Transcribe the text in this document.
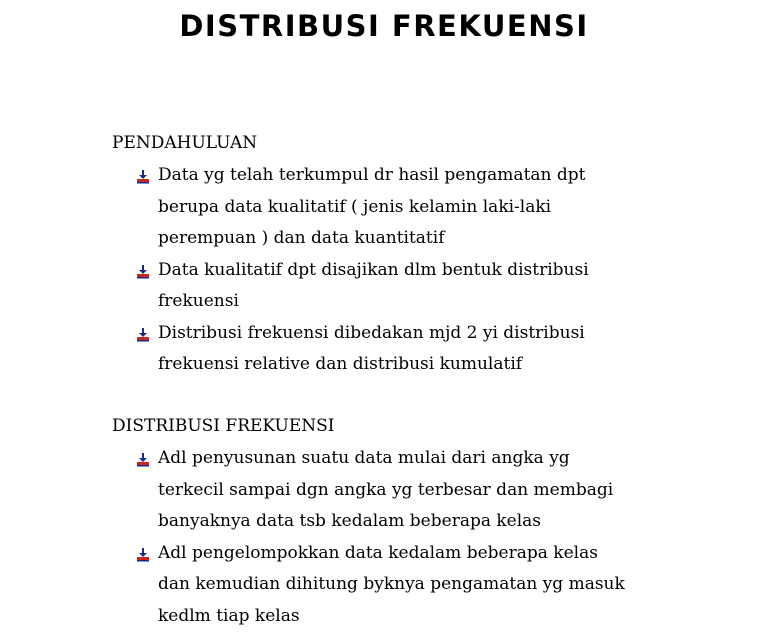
DISTRIBUSI FREKUENSI
PENDAHULUAN
Data yg telah terkumpul dr hasil pengamatan dpt
berupa data kualitatif ( jenis kelamin laki-laki
perempuan ) dan data kuantitatif
Data kualitatif dpt disajikan dlm bentuk distribusi
frekuensi
Distribusi frekuensi dibedakan mjd 2 yi distribusi
frekuensi relative dan distribusi kumulatif
DISTRIBUSI FREKUENSI
Adl penyusunan suatu data mulai dari angka yg
terkecil sampai dgn angka yg terbesar dan membagi
banyaknya data tsb kedalam beberapa kelas
Adl pengelompokkan data kedalam beberapa kelas
dan kemudian dihitung byknya pengamatan yg masuk
kedlm tiap kelas
